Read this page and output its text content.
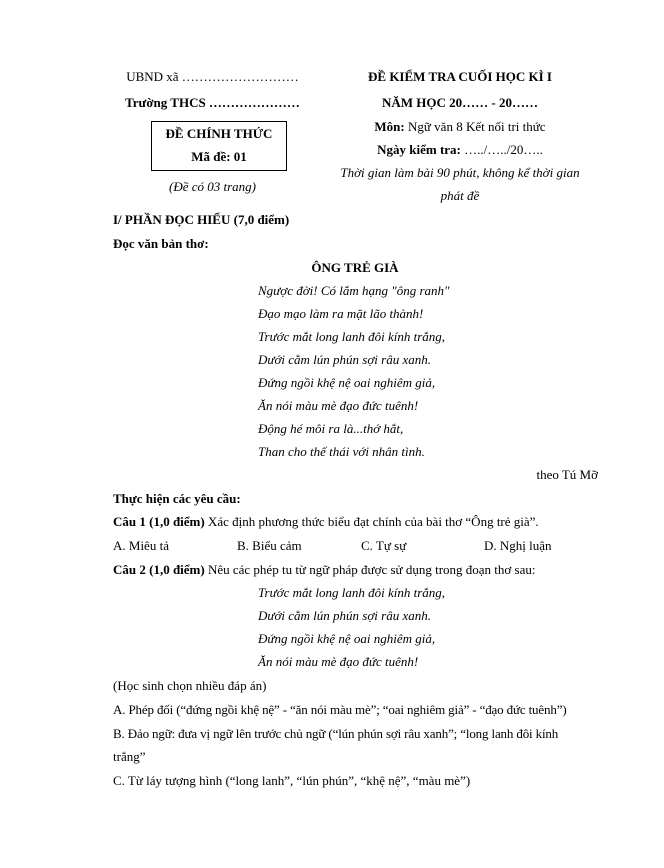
UBND xã ………………………
Trường THCS …………………
ĐỀ CHÍNH THỨC
Mã đề: 01
(Đề có 03 trang)
ĐỀ KIỂM TRA CUỐI HỌC KÌ I
NĂM HỌC 20…… - 20……
Môn: Ngữ văn 8 Kết nối tri thức
Ngày kiểm tra: …../…../20…..
Thời gian làm bài 90 phút, không kể thời gian
phát đề
I/ PHẦN ĐỌC HIỂU (7,0 điểm)
Đọc văn bản thơ:
ÔNG TRẺ GIÀ
Ngược đời! Có lắm hạng "ông ranh"
Đạo mạo làm ra mặt lão thành!
Trước mắt long lanh đôi kính trắng,
Dưới cằm lún phún sợi râu xanh.
Đứng ngồi khệ nệ oai nghiêm giả,
Ăn nói màu mè đạo đức tuênh!
Động hé môi ra là...thớ hắt,
Than cho thế thái với nhân tình.
theo Tú Mỡ
Thực hiện các yêu cầu:
Câu 1 (1,0 điểm) Xác định phương thức biểu đạt chính của bài thơ “Ông trẻ già”.
A. Miêu tả	B. Biểu cảm	C. Tự sự	D. Nghị luận
Câu 2 (1,0 điểm) Nêu các phép tu từ ngữ pháp được sử dụng trong đoạn thơ sau:
Trước mắt long lanh đôi kính trắng,
Dưới cằm lún phún sợi râu xanh.
Đứng ngồi khệ nệ oai nghiêm giả,
Ăn nói màu mè đạo đức tuênh!
(Học sinh chọn nhiều đáp án)
A. Phép đối (“đứng ngồi khệ nệ” - “ăn nói màu mè”; “oai nghiêm giả” - “đạo đức tuênh”)
B. Đảo ngữ: đưa vị ngữ lên trước chủ ngữ (“lún phún sợi râu xanh”; “long lanh đôi kính
trắng”
C. Từ láy tượng hình (“long lanh”, “lún phún”, “khệ nệ”, “màu mè”)
